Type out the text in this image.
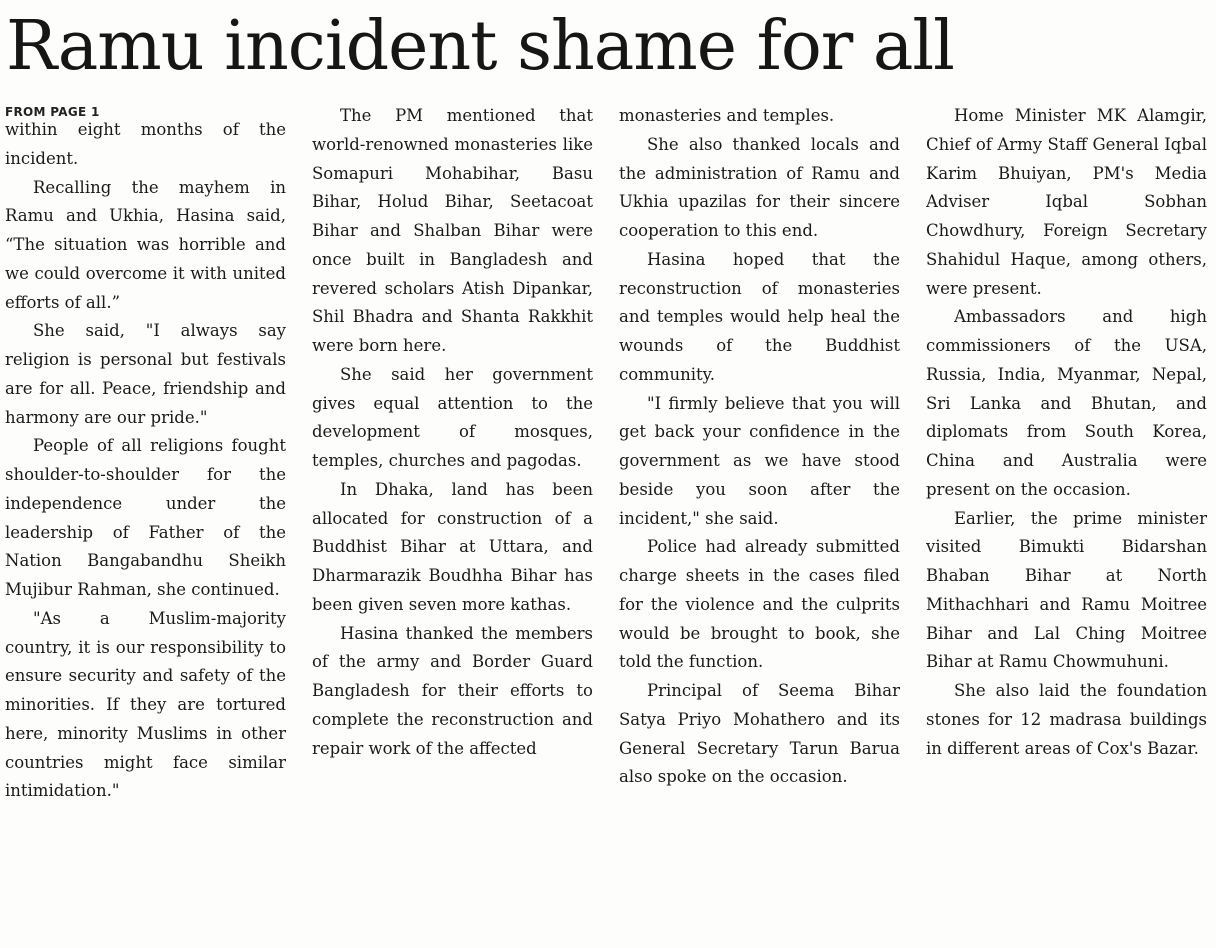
Ramu incident shame for all

FROM PAGE 1

within eight months of the incident.

Recalling the mayhem in Ramu and Ukhia, Hasina said, “The situation was horrible and we could overcome it with united efforts of all.”

She said, "I always say religion is personal but festivals are for all. Peace, friendship and harmony are our pride."

People of all religions fought shoulder-to-shoulder for the independence under the leadership of Father of the Nation Bangabandhu Sheikh Mujibur Rahman, she continued.

"As a Muslim-majority country, it is our responsibility to ensure security and safety of the minorities. If they are tortured here, minority Muslims in other countries might face similar intimidation."

The PM mentioned that world-renowned monasteries like Somapuri Mohabihar, Basu Bihar, Holud Bihar, Seetacoat Bihar and Shalban Bihar were once built in Bangladesh and revered scholars Atish Dipankar, Shil Bhadra and Shanta Rakkhit were born here.

She said her government gives equal attention to the development of mosques, temples, churches and pagodas.

In Dhaka, land has been allocated for construction of a Buddhist Bihar at Uttara, and Dharmarazik Boudhha Bihar has been given seven more kathas.

Hasina thanked the members of the army and Border Guard Bangladesh for their efforts to complete the reconstruction and repair work of the affected

monasteries and temples.

She also thanked locals and the administration of Ramu and Ukhia upazilas for their sincere cooperation to this end.

Hasina hoped that the reconstruction of monasteries and temples would help heal the wounds of the Buddhist community.

"I firmly believe that you will get back your confidence in the government as we have stood beside you soon after the incident," she said.

Police had already submitted charge sheets in the cases filed for the violence and the culprits would be brought to book, she told the function.

Principal of Seema Bihar Satya Priyo Mohathero and its General Secretary Tarun Barua also spoke on the occasion.

Home Minister MK Alamgir, Chief of Army Staff General Iqbal Karim Bhuiyan, PM's Media Adviser Iqbal Sobhan Chowdhury, Foreign Secretary Shahidul Haque, among others, were present.

Ambassadors and high commissioners of the USA, Russia, India, Myanmar, Nepal, Sri Lanka and Bhutan, and diplomats from South Korea, China and Australia were present on the occasion.

Earlier, the prime minister visited Bimukti Bidarshan Bhaban Bihar at North Mithachhari and Ramu Moitree Bihar and Lal Ching Moitree Bihar at Ramu Chowmuhuni.

She also laid the foundation stones for 12 madrasa buildings in different areas of Cox's Bazar.
